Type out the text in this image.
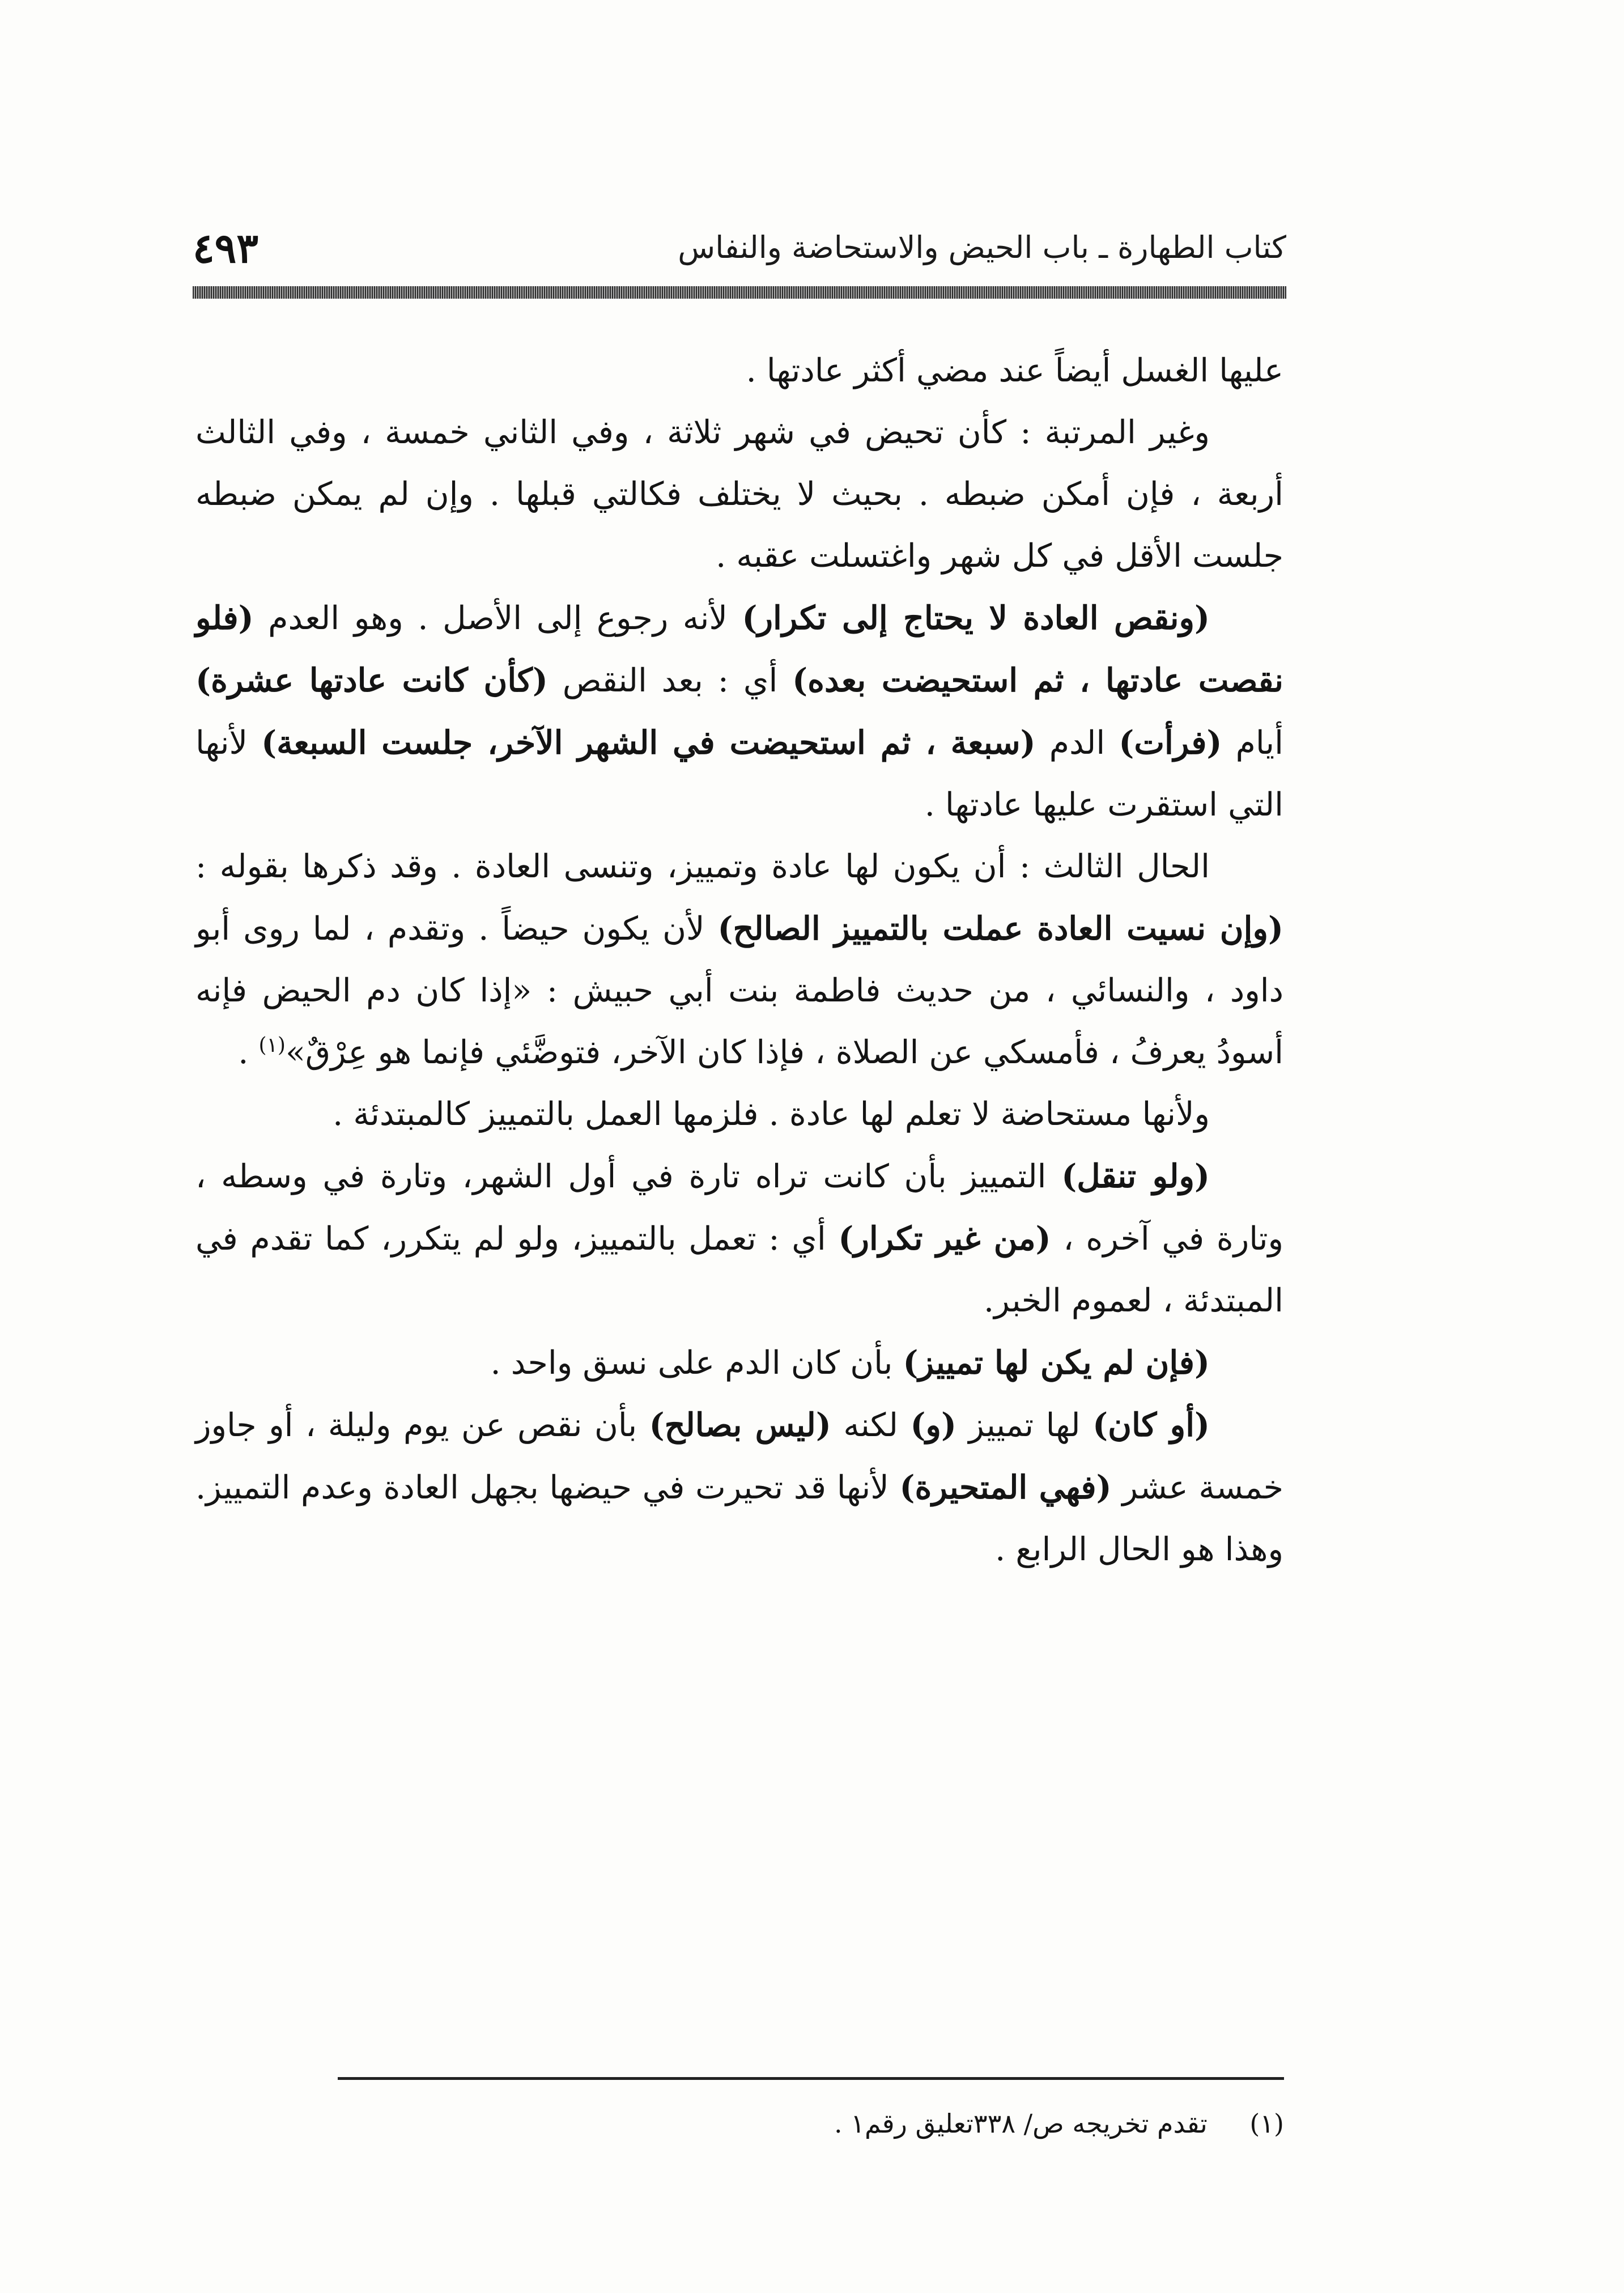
كتاب الطهارة ـ باب الحيض والاستحاضة والنفاس
٤٩٣

عليها الغسل أيضاً عند مضي أكثر عادتها .

وغير المرتبة : كأن تحيض في شهر ثلاثة ، وفي الثاني خمسة ، وفي الثالث أربعة ، فإن أمكن ضبطه . بحيث لا يختلف فكالتي قبلها . وإن لم يمكن ضبطه جلست الأقل في كل شهر واغتسلت عقبه .

(ونقص العادة لا يحتاج إلى تكرار) لأنه رجوع إلى الأصل . وهو العدم (فلو نقصت عادتها ، ثم استحيضت بعده) أي : بعد النقص (كأن كانت عادتها عشرة) أيام (فرأت) الدم (سبعة ، ثم استحيضت في الشهر الآخر، جلست السبعة) لأنها التي استقرت عليها عادتها .

الحال الثالث : أن يكون لها عادة وتمييز، وتنسى العادة . وقد ذكرها بقوله : (وإن نسيت العادة عملت بالتمييز الصالح) لأن يكون حيضاً . وتقدم ، لما روى أبو داود ، والنسائي ، من حديث فاطمة بنت أبي حبيش : «إذا كان دم الحيض فإنه أسودُ يعرفُ ، فأمسكي عن الصلاة ، فإذا كان الآخر، فتوضَّئي فإنما هو عِرْقٌ»$^{(١)}$ .

ولأنها مستحاضة لا تعلم لها عادة . فلزمها العمل بالتمييز كالمبتدئة .

(ولو تنقل) التمييز بأن كانت تراه تارة في أول الشهر، وتارة في وسطه ، وتارة في آخره ، (من غير تكرار) أي : تعمل بالتمييز، ولو لم يتكرر، كما تقدم في المبتدئة ، لعموم الخبر.

(فإن لم يكن لها تمييز) بأن كان الدم على نسق واحد .

(أو كان) لها تمييز (و) لكنه (ليس بصالح) بأن نقص عن يوم وليلة ، أو جاوز خمسة عشر (فهي المتحيرة) لأنها قد تحيرت في حيضها بجهل العادة وعدم التمييز. وهذا هو الحال الرابع .

(١) تقدم تخريجه ص/ ٣٣٨تعليق رقم١ .
